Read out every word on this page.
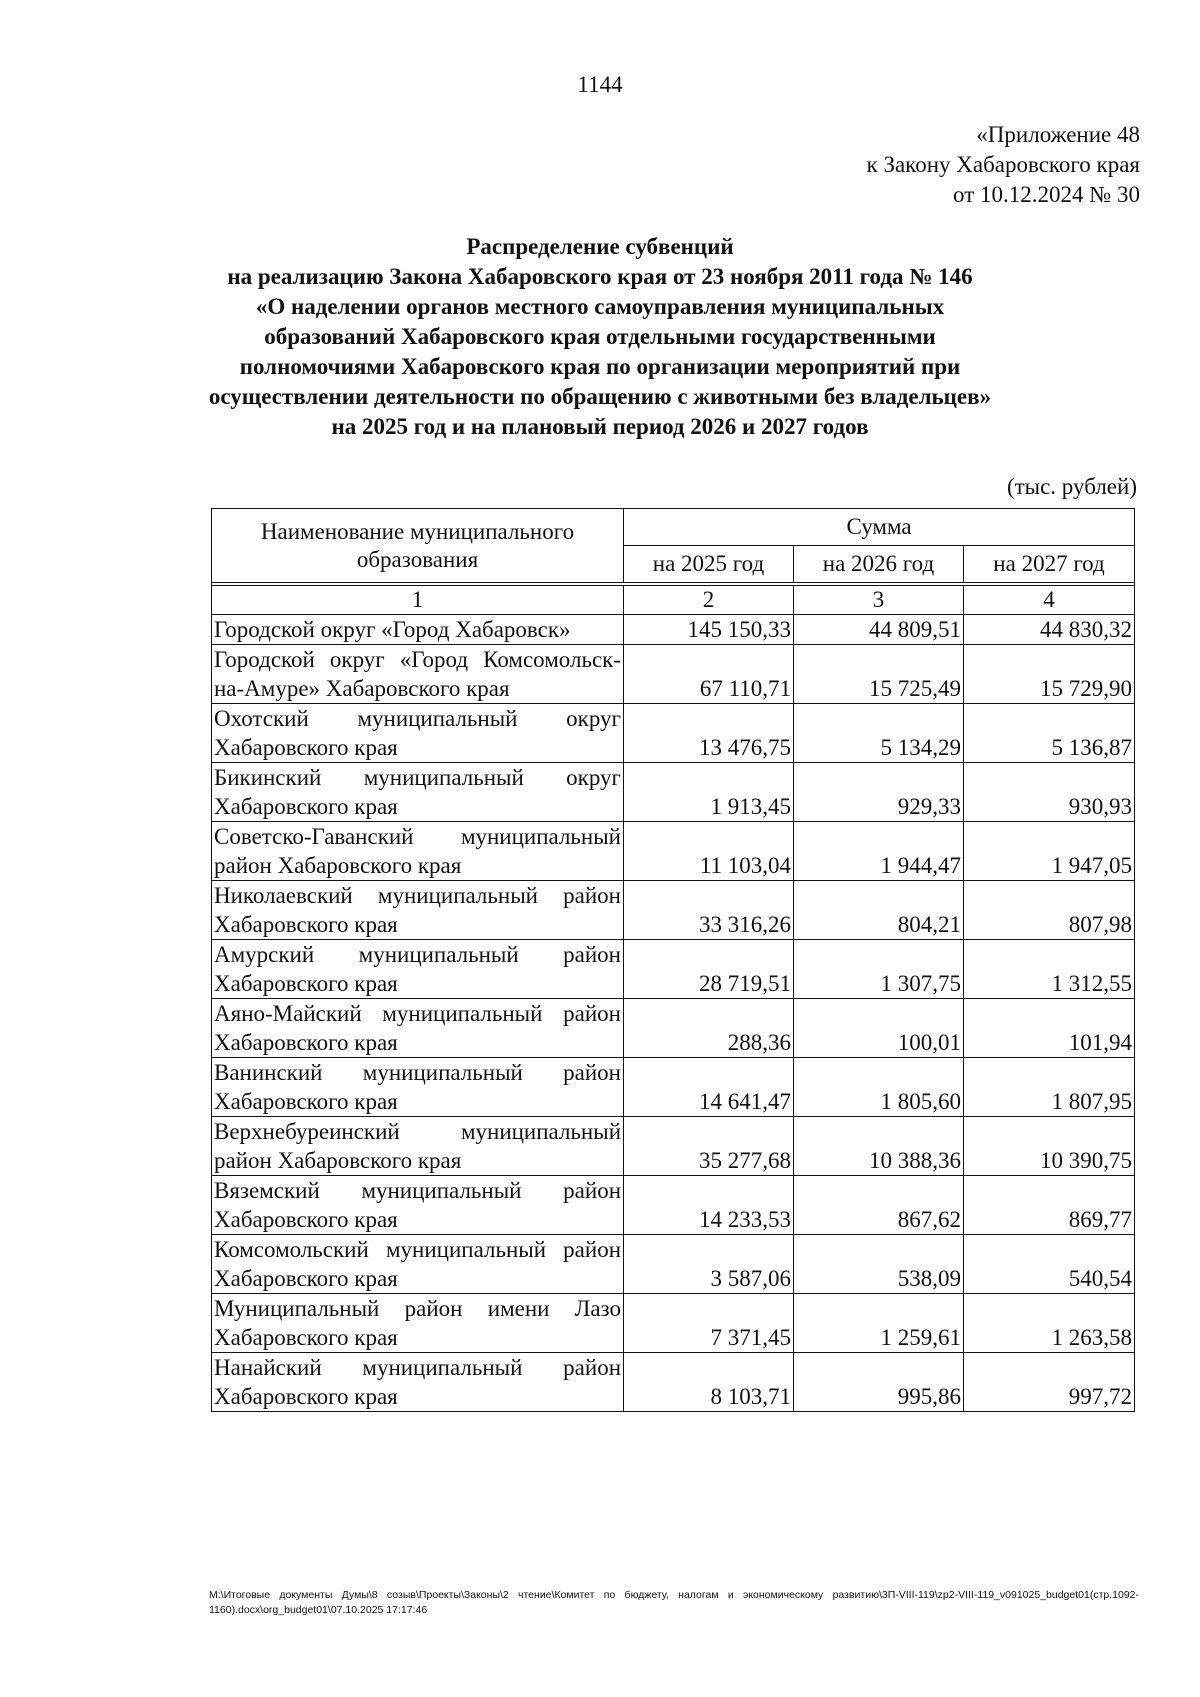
1144
«Приложение 48
к Закону Хабаровского края
от 10.12.2024 № 30
Распределение субвенций
на реализацию Закона Хабаровского края от 23 ноября 2011 года № 146
«О наделении органов местного самоуправления муниципальных
образований Хабаровского края отдельными государственными
полномочиями Хабаровского края по организации мероприятий при
осуществлении деятельности по обращению с животными без владельцев»
на 2025 год и на плановый период 2026 и 2027 годов
(тыс. рублей)
Наименование муниципального
образования	Сумма		
	на 2025 год	на 2026 год	на 2027 год

1	2	3	4
Городской округ «Город Хабаровск»	145 150,33	44 809,51	44 830,32
Городской округ «Город Комсомольск-на-Амуре» Хабаровского края	67 110,71	15 725,49	15 729,90
Охотский муниципальный округ Хабаровского края	13 476,75	5 134,29	5 136,87
Бикинский муниципальный округ Хабаровского края	1 913,45	929,33	930,93
Советско-Гаванский муниципальный район Хабаровского края	11 103,04	1 944,47	1 947,05
Николаевский муниципальный район Хабаровского края	33 316,26	804,21	807,98
Амурский муниципальный район Хабаровского края	28 719,51	1 307,75	1 312,55
Аяно-Майский муниципальный район Хабаровского края	288,36	100,01	101,94
Ванинский муниципальный район Хабаровского края	14 641,47	1 805,60	1 807,95
Верхнебуреинский муниципальный район Хабаровского края	35 277,68	10 388,36	10 390,75
Вяземский муниципальный район Хабаровского края	14 233,53	867,62	869,77
Комсомольский муниципальный район Хабаровского края	3 587,06	538,09	540,54
Муниципальный район имени Лазо Хабаровского края	7 371,45	1 259,61	1 263,58
Нанайский муниципальный район Хабаровского края	8 103,71	995,86	997,72
M:\Итоговые документы Думы\8 созыв\Проекты\Законы\2 чтение\Комитет по бюджету, налогам и экономическому развитию\3П-VIII-119\zp2-VIII-119_v091025_budget01(стр.1092-1160).docx\org_budget01\07.10.2025 17:17:46
